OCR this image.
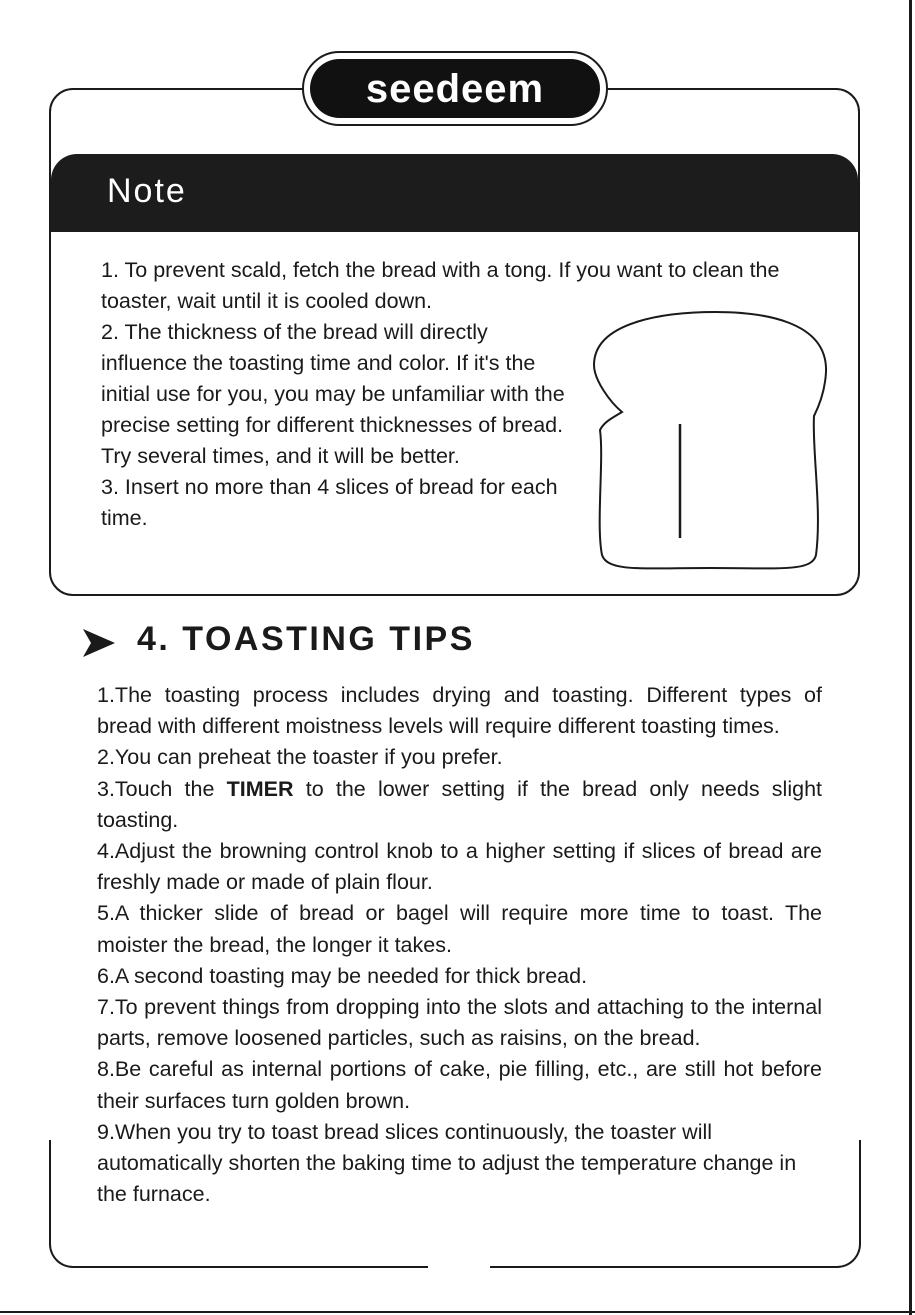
Note
seedeem

1. To prevent scald, fetch the bread with a tong. If you want to clean the toaster, wait until it is cooled down.

2. The thickness of the bread will directly influence the toasting time and color. If it's the initial use for you, you may be unfamiliar with the precise setting for different thicknesses of bread. Try several times, and it will be better.

3. Insert no more than 4 slices of bread for each time.

4. TOASTING TIPS

1.The toasting process includes drying and toasting. Different types of bread with different moistness levels will require different toasting times.

2.You can preheat the toaster if you prefer.

3.Touch the TIMER to the lower setting if the bread only needs slight toasting.

4.Adjust the browning control knob to a higher setting if slices of bread are freshly made or made of plain flour.

5.A thicker slide of bread or bagel will require more time to toast. The moister the bread, the longer it takes.

6.A second toasting may be needed for thick bread.

7.To prevent things from dropping into the slots and attaching to the internal parts, remove loosened particles, such as raisins, on the bread.

8.Be careful as internal portions of cake, pie filling, etc., are still hot before their surfaces turn golden brown.

9.When you try to toast bread slices continuously, the toaster will automatically shorten the baking time to adjust the temperature change in the furnace.
